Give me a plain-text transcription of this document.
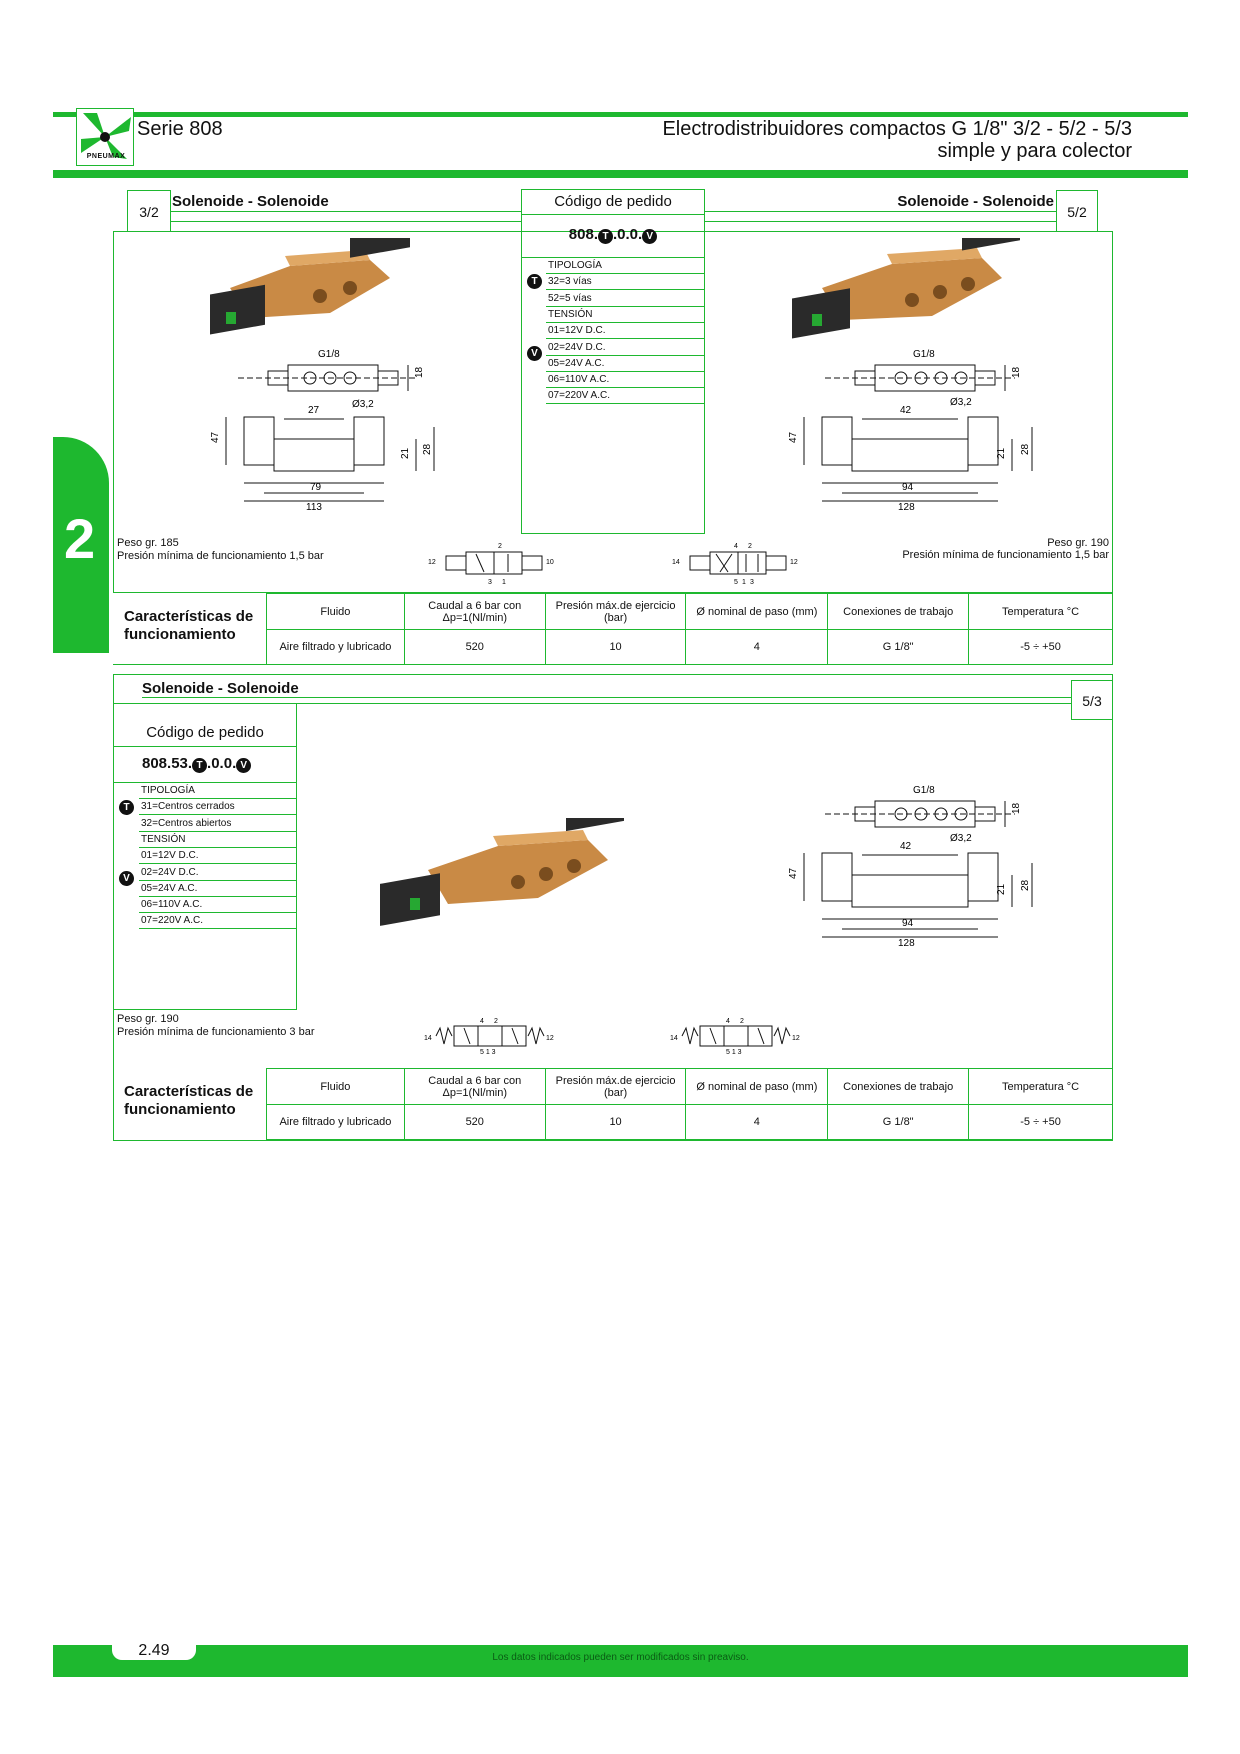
PNEUMAX
Serie 808	Electrodistribuidores compactos G 1/8" 3/2 - 5/2 - 5/3
simple y para colector
2
3/2
Solenoide - Solenoide
5/2
Solenoide - Solenoide
Código de pedido
808. T .0.0. V
TIPOLOGÍA
32=3 vías
52=5 vías
TENSIÓN
01=12V D.C.
02=24V D.C.
05=24V A.C.
06=110V A.C.
07=220V A.C.
T
V
G1/8
18
27
Ø3,2
47
21 28
79
113
G1/8
18
42
Ø3,2
47
21 28
94
128
Peso gr. 185
Presión mínima de funcionamiento 1,5 bar
Peso gr. 190
Presión mínima de funcionamiento 1,5 bar
12	10
2
3 1
14	12
4 2
5 1 3
Características de funcionamiento
Fluido	Caudal a 6 bar con Δp=1(Nl/min)	Presión máx.de ejercicio (bar)	Ø nominal de paso (mm)	Conexiones de trabajo	Temperatura °C
Aire filtrado y lubricado	520	10	4	G 1/8"	-5 ÷ +50
Solenoide - Solenoide
5/3
Código de pedido
808.53. T .0.0. V
TIPOLOGÍA
31=Centros cerrados
32=Centros abiertos
TENSIÓN
01=12V D.C.
02=24V D.C.
05=24V A.C.
06=110V A.C.
07=220V A.C.
T
V
G1/8
18
42
Ø3,2
47
21 28
94
128
Peso gr. 190
Presión mínima de funcionamiento 3 bar
14	12
4 2
5 1 3
14	12
4 2
5 1 3
Características de funcionamiento
Fluido	Caudal a 6 bar con Δp=1(Nl/min)	Presión máx.de ejercicio (bar)	Ø nominal de paso (mm)	Conexiones de trabajo	Temperatura °C
Aire filtrado y lubricado	520	10	4	G 1/8"	-5 ÷ +50
2.49	Los datos indicados pueden ser modificados sin preaviso.
